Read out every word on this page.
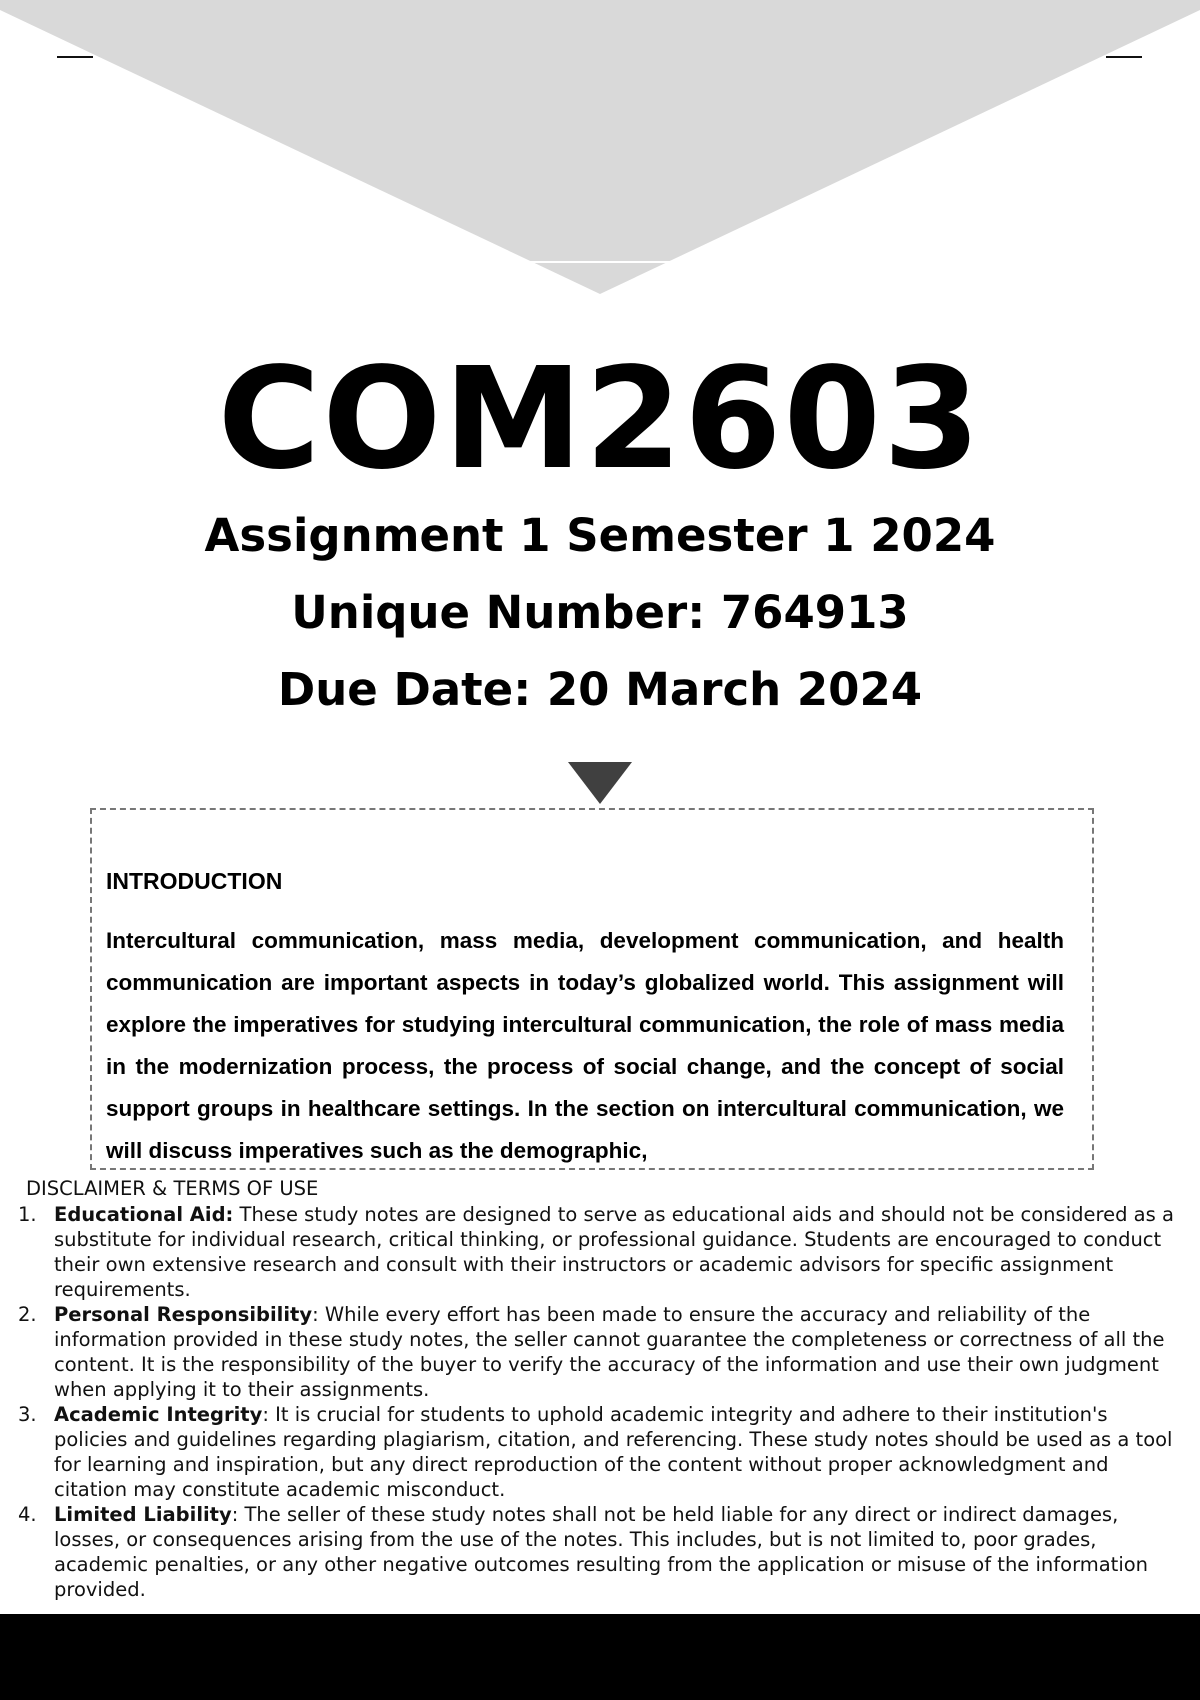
COM2603
Assignment 1 Semester 1 2024
Unique Number: 764913
Due Date: 20 March 2024
INTRODUCTION

Intercultural communication, mass media, development communication, and health communication are important aspects in today’s globalized world. This assignment will explore the imperatives for studying intercultural communication, the role of mass media in the modernization process, the process of social change, and the concept of social support groups in healthcare settings. In the section on intercultural communication, we will discuss imperatives such as the demographic,

DISCLAIMER & TERMS OF USE
1. Educational Aid: These study notes are designed to serve as educational aids and should not be considered as a substitute for individual research, critical thinking, or professional guidance. Students are encouraged to conduct their own extensive research and consult with their instructors or academic advisors for specific assignment requirements.
2. Personal Responsibility: While every effort has been made to ensure the accuracy and reliability of the information provided in these study notes, the seller cannot guarantee the completeness or correctness of all the content. It is the responsibility of the buyer to verify the accuracy of the information and use their own judgment when applying it to their assignments.
3. Academic Integrity: It is crucial for students to uphold academic integrity and adhere to their institution's policies and guidelines regarding plagiarism, citation, and referencing. These study notes should be used as a tool for learning and inspiration, but any direct reproduction of the content without proper acknowledgment and citation may constitute academic misconduct.
4. Limited Liability: The seller of these study notes shall not be held liable for any direct or indirect damages, losses, or consequences arising from the use of the notes. This includes, but is not limited to, poor grades, academic penalties, or any other negative outcomes resulting from the application or misuse of the information provided.
